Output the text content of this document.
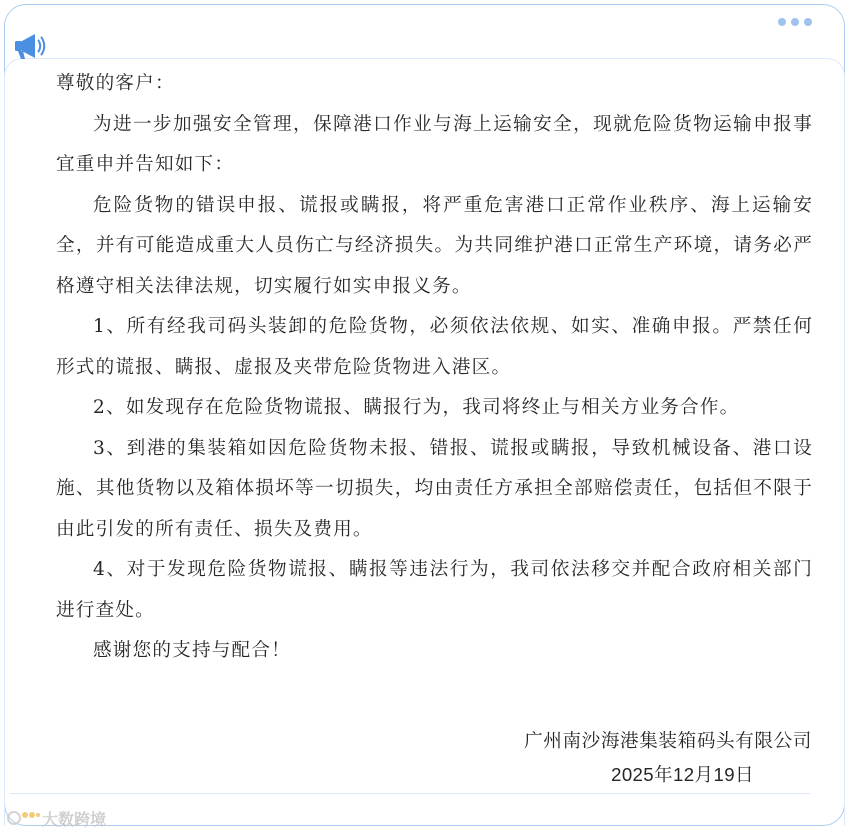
尊敬的客户：

为进一步加强安全管理，保障港口作业与海上运输安全，现就危险货物运输申报事宜重申并告知如下：

危险货物的错误申报、谎报或瞒报，将严重危害港口正常作业秩序、海上运输安全，并有可能造成重大人员伤亡与经济损失。为共同维护港口正常生产环境，请务必严格遵守相关法律法规，切实履行如实申报义务。

1、所有经我司码头装卸的危险货物，必须依法依规、如实、准确申报。严禁任何形式的谎报、瞒报、虚报及夹带危险货物进入港区。

2、如发现存在危险货物谎报、瞒报行为，我司将终止与相关方业务合作。

3、到港的集装箱如因危险货物未报、错报、谎报或瞒报，导致机械设备、港口设施、其他货物以及箱体损坏等一切损失，均由责任方承担全部赔偿责任，包括但不限于由此引发的所有责任、损失及费用。

4、对于发现危险货物谎报、瞒报等违法行为，我司依法移交并配合政府相关部门进行查处。

感谢您的支持与配合！

广州南沙海港集装箱码头有限公司
2025年12月19日
大数跨境
